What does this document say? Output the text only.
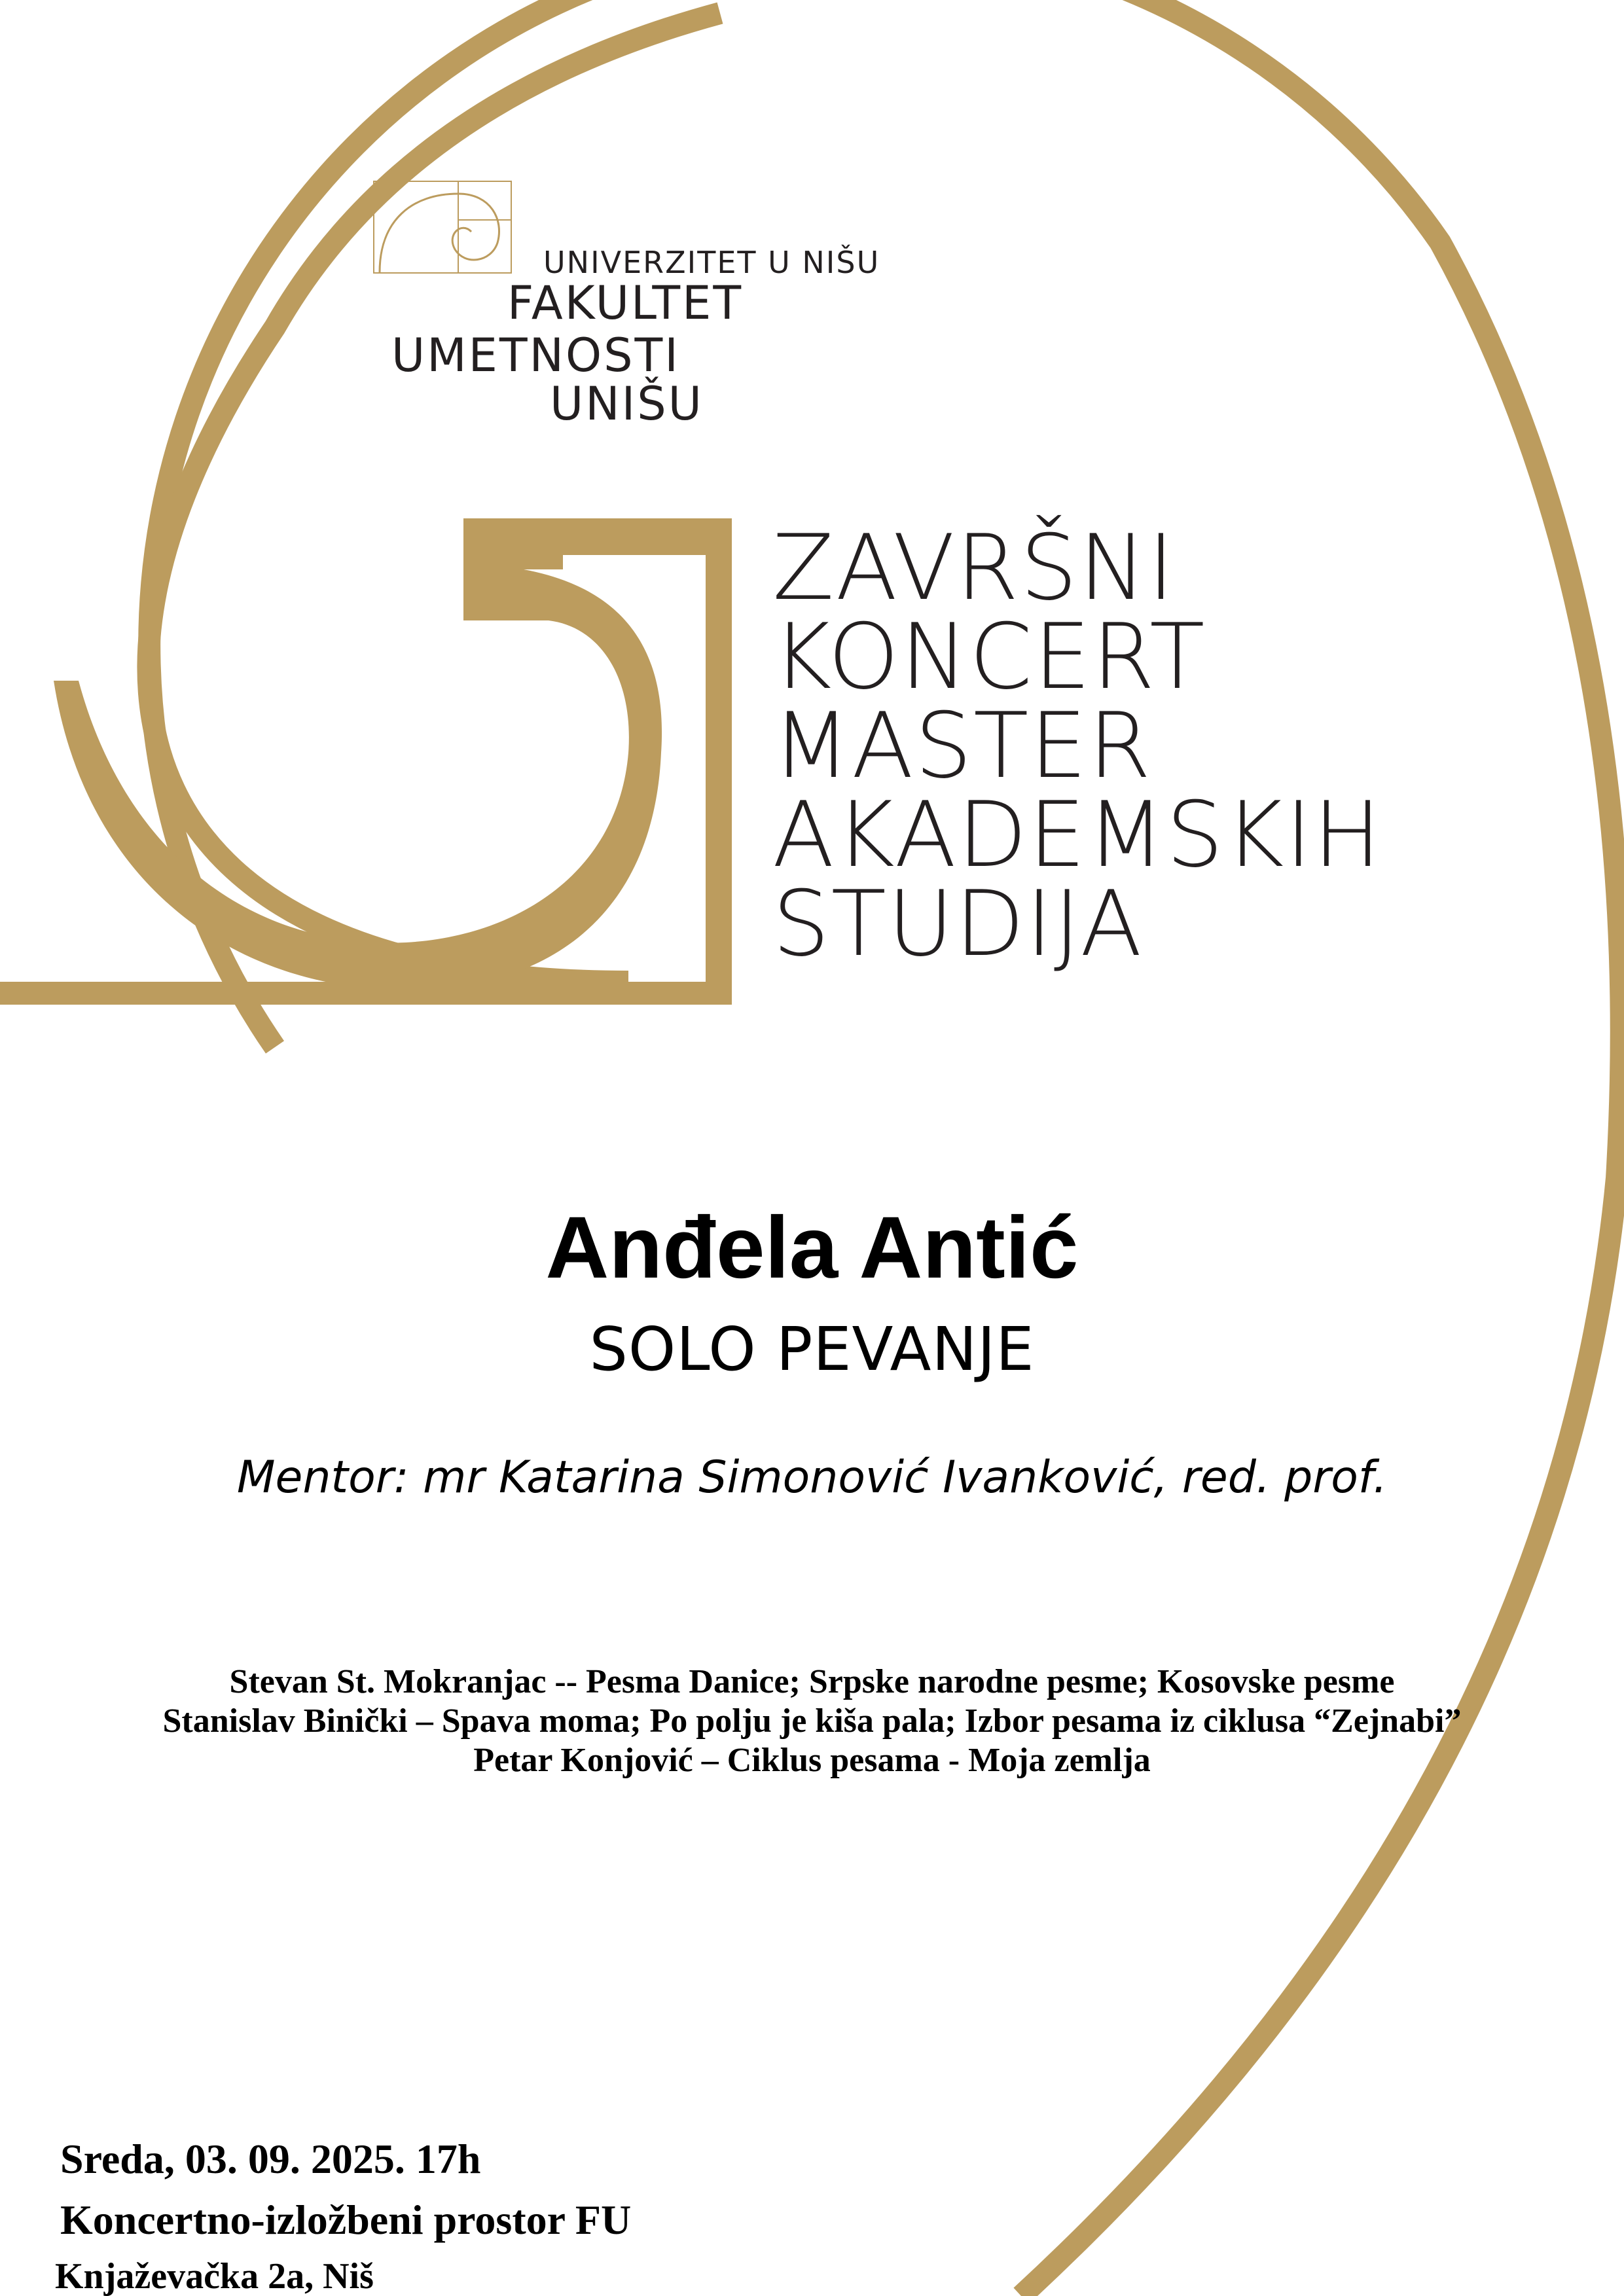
UNIVERZITET U NIŠU
FAKULTET
UMETNOSTI
UNIŠU
ZAVRŠNI
KONCERT
MASTER
AKADEMSKIH
STUDIJA
Anđela Antić
SOLO PEVANJE
Mentor: mr Katarina Simonović Ivanković, red. prof.
Stevan St. Mokranjac -- Pesma Danice; Srpske narodne pesme; Kosovske pesme
Stanislav Binički – Spava moma; Po polju je kiša pala; Izbor pesama iz ciklusa “Zejnabi”
Petar Konjović – Ciklus pesama - Moja zemlja
Sreda, 03. 09. 2025. 17h
Koncertno-izložbeni prostor FU
Knjaževačka 2a, Niš
